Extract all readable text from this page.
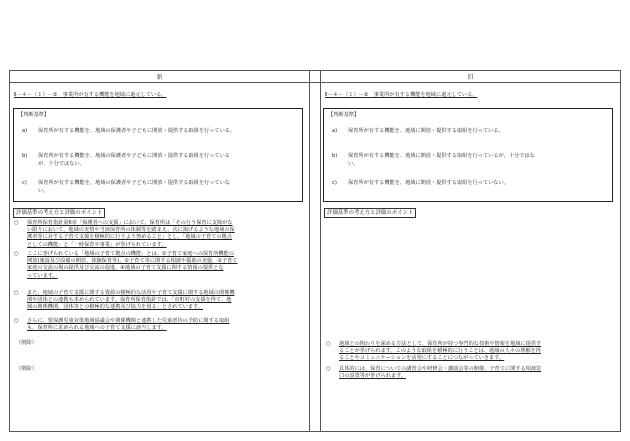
新	旧
Ⅱ－４－（１）－②　事業所が有する機能を地域に還元している。
【判断基準】
a) 保育所が有する機能を、地域の保護者や子どもに開放・提供する取組を行っている。
b) 保育所が有する機能を、地域の保護者や子どもに開放・提供する取組を行っている
が、十分ではない。
c) 保育所が有する機能を、地域の保護者や子どもに開放・提供する取組を行っていな
い。
評価基準の考え方と評価のポイント
○ 保育所保育指針第6章「保護者への支援」において、保育所は「その行う保育に支障がな
い限りにおいて、地域の実情や当該保育所の体制等を踏まえ、次に掲げるような地域の保
護者等に対する子育て支援を積極的に行うよう努めること」とし、「地域の子育ての拠点
としての機能」と「一時保育や事業」が挙げられています。
○ ここに挙げられている「地域の子育て拠点の機能」とは、①子育て家庭への保育所機能の
開放(施設及び設備の開放、体験保育等)、②子育て等に関する相談や援助の実施、③子育て
家庭の交流の場の提供及び交流の促進、④地域の子育て支援に関する情報の提供とな
っています。
○ また、地域の子育て支援に関する資源の積極的な活用や子育て支援に関する地域の関係機
関や団体との連携も求められています。保育所保育指針では、「市町村の支援を得て、地
域の関係機関、団体等との積極的な連携及び協力を図る」とされています。
○ さらに、要保護児童対策地域協議会や関係機関と連携した児童虐待の予防に関する取組
も、保育所に求められる地域への子育て支援に該当します。
（削除）
（削除）
Ⅱ－４－（１）－②　事業所が有する機能を地域に還元している。
【判断基準】
a) 保育所が有する機能を、地域に開放・提供する取組を行っている。
b) 保育所が有する機能を、地域に開放・提供する取組を行っているが、十分ではな
い。
c) 保育所が有する機能を、地域に開放・提供する取組を行っていない。
評価基準の考え方と評価のポイント
○ 地域との関わりを深める方法として、保育所が持つ専門的な技術や情報を地域に提供す
ることが挙げられます。このような取組を積極的に行うことは、地域の人々の理解を得
ることやコミュニケーションを活発にすることにつながっていきます。
○ 具体的には、保育についての講習会や研修会・講演会等の開催、子育てに関する相談窓
口の設置等が挙げられます。
